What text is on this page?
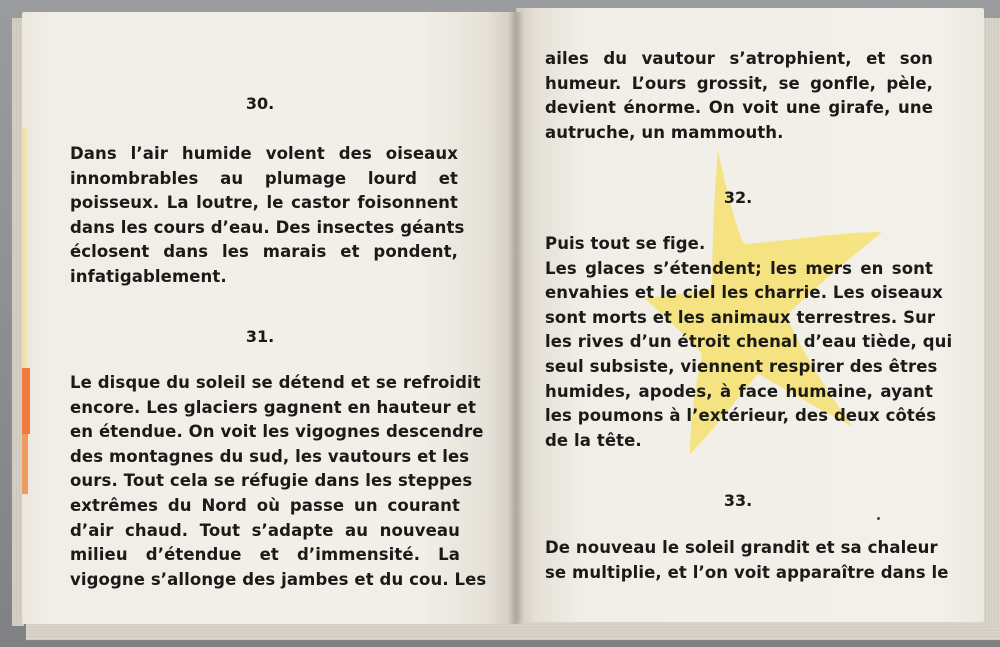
30.
Dans l’air humide volent des oiseaux
innombrables au plumage lourd et
poisseux. La loutre, le castor foisonnent
dans les cours d’eau. Des insectes géants
éclosent dans les marais et pondent,
infatigablement.
31.
Le disque du soleil se détend et se refroidit
encore. Les glaciers gagnent en hauteur et
en étendue. On voit les vigognes descendre
des montagnes du sud, les vautours et les
ours. Tout cela se réfugie dans les steppes
extrêmes du Nord où passe un courant
d’air chaud. Tout s’adapte au nouveau
milieu d’étendue et d’immensité. La
vigogne s’allonge des jambes et du cou. Les
ailes du vautour s’atrophient, et son
humeur. L’ours grossit, se gonfle, pèle,
devient énorme. On voit une girafe, une
autruche, un mammouth.
32.
Puis tout se fige.
Les glaces s’étendent; les mers en sont
envahies et le ciel les charrie. Les oiseaux
sont morts et les animaux terrestres. Sur
les rives d’un étroit chenal d’eau tiède, qui
seul subsiste, viennent respirer des êtres
humides, apodes, à face humaine, ayant
les poumons à l’extérieur, des deux côtés
de la tête.
33.
De nouveau le soleil grandit et sa chaleur
se multiplie, et l’on voit apparaître dans le
